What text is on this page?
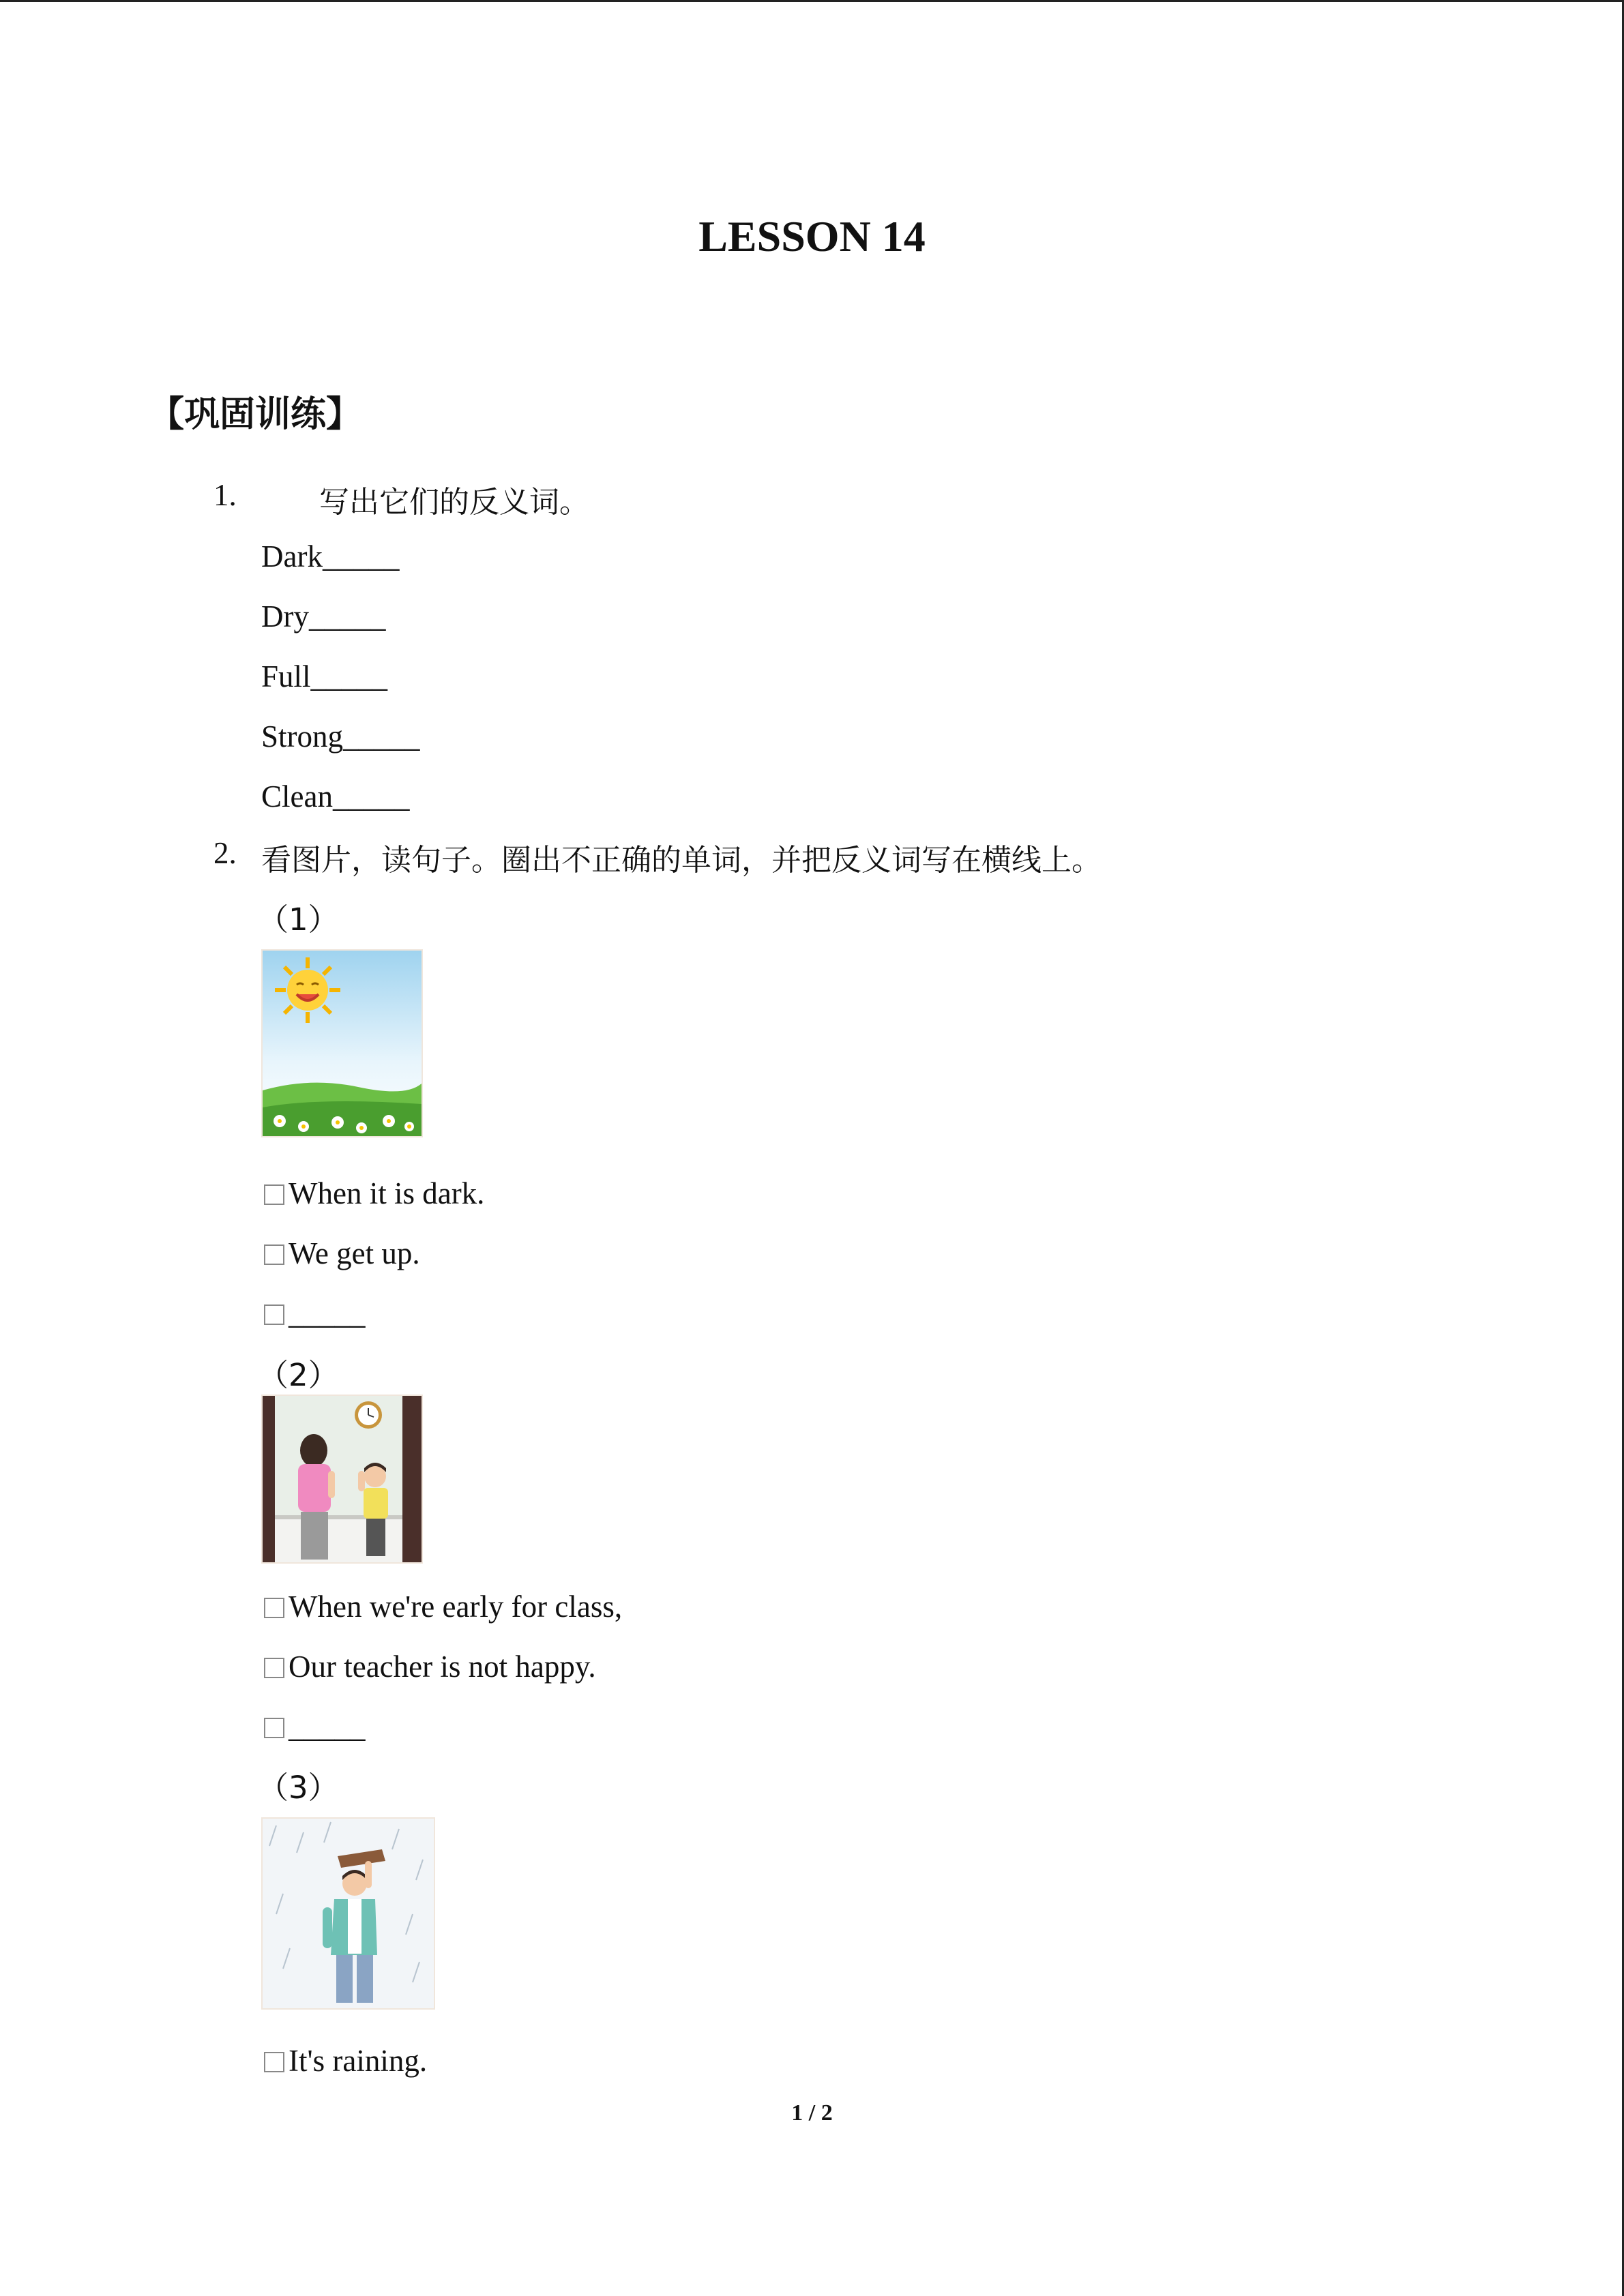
LESSON 14
【巩固训练】
1.	写出它们的反义词。
Dark_____
Dry_____
Full_____
Strong_____
Clean_____
2. 看图片，读句子。圈出不正确的单词，并把反义词写在横线上。
（1）
When it is dark.
We get up.
_____
（2）
When we're early for class,
Our teacher is not happy.
_____
（3）
It's raining.
1 / 2
